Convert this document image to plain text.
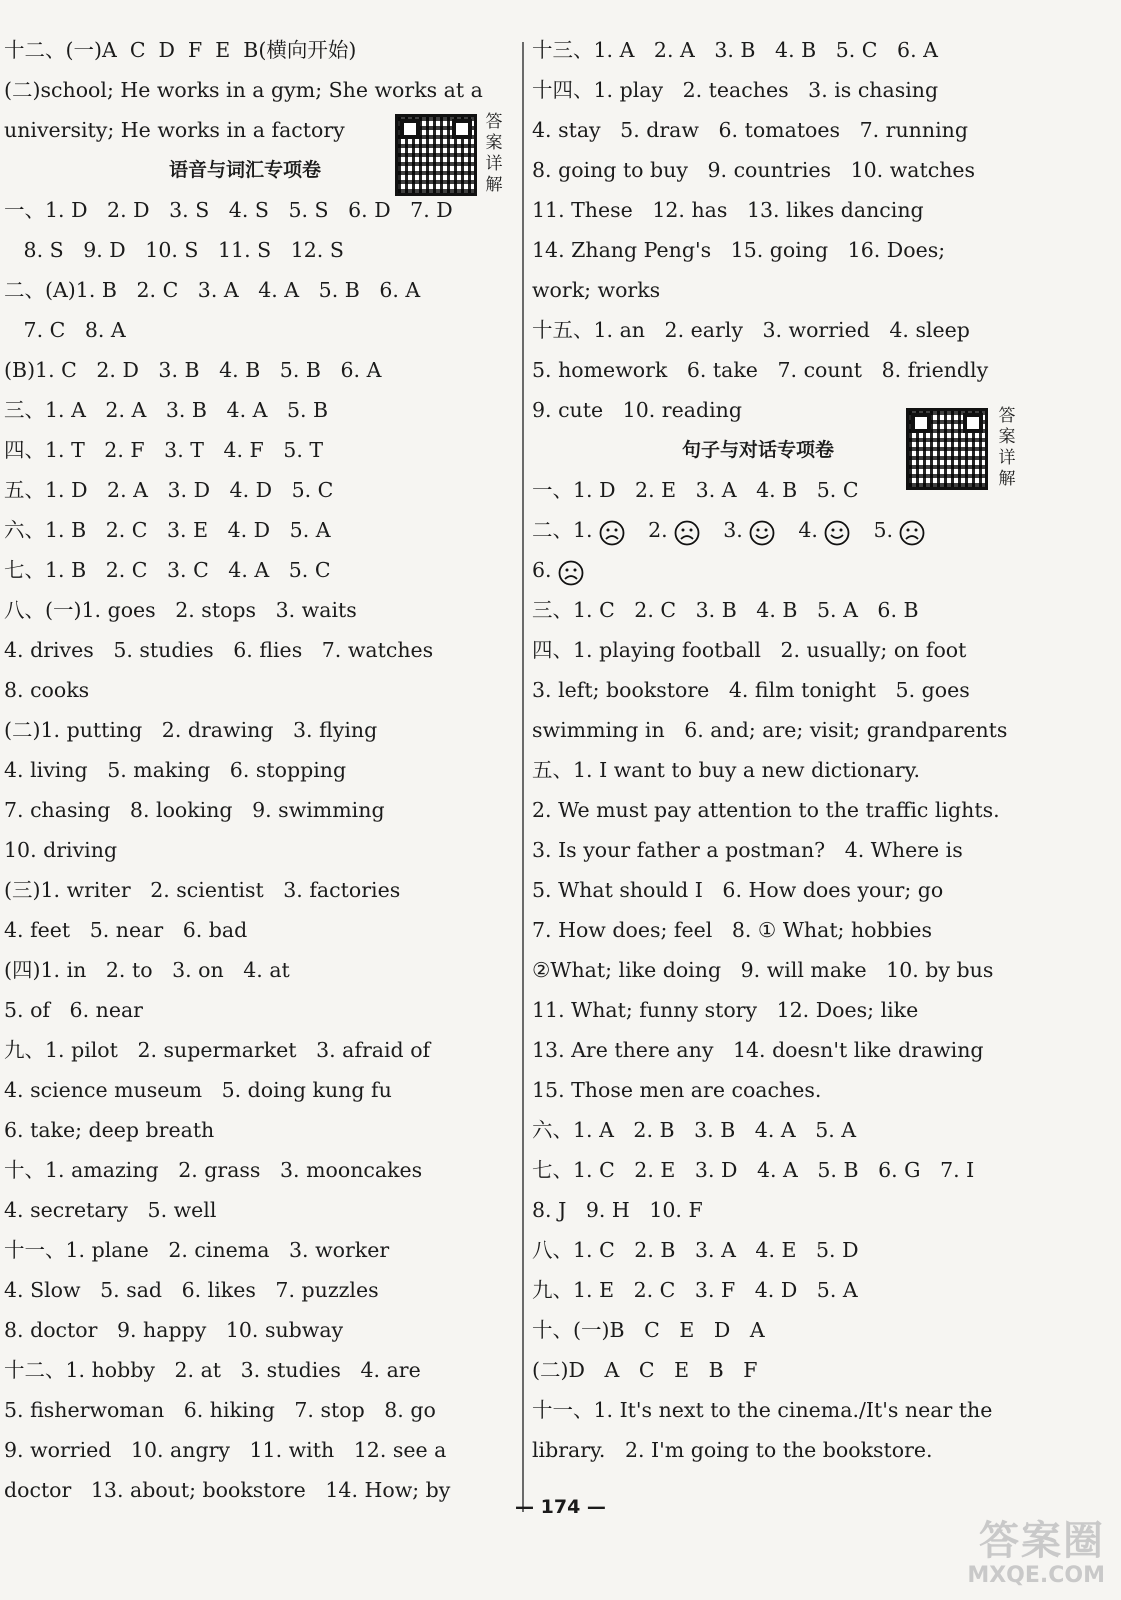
十二、(一)A  C  D  F  E  B(横向开始)
(二)school; He works in a gym; She works at a
university; He works in a factory
语音与词汇专项卷
一、1. D   2. D   3. S   4. S   5. S   6. D   7. D
8. S   9. D   10. S   11. S   12. S
二、(A)1. B   2. C   3. A   4. A   5. B   6. A
7. C   8. A
(B)1. C   2. D   3. B   4. B   5. B   6. A
三、1. A   2. A   3. B   4. A   5. B
四、1. T   2. F   3. T   4. F   5. T
五、1. D   2. A   3. D   4. D   5. C
六、1. B   2. C   3. E   4. D   5. A
七、1. B   2. C   3. C   4. A   5. C
八、(一)1. goes   2. stops   3. waits
4. drives   5. studies   6. flies   7. watches
8. cooks
(二)1. putting   2. drawing   3. flying
4. living   5. making   6. stopping
7. chasing   8. looking   9. swimming
10. driving
(三)1. writer   2. scientist   3. factories
4. feet   5. near   6. bad
(四)1. in   2. to   3. on   4. at
5. of   6. near
九、1. pilot   2. supermarket   3. afraid of
4. science museum   5. doing kung fu
6. take; deep breath
十、1. amazing   2. grass   3. mooncakes
4. secretary   5. well
十一、1. plane   2. cinema   3. worker
4. Slow   5. sad   6. likes   7. puzzles
8. doctor   9. happy   10. subway
十二、1. hobby   2. at   3. studies   4. are
5. fisherwoman   6. hiking   7. stop   8. go
9. worried   10. angry   11. with   12. see a
doctor   13. about; bookstore   14. How; by
十三、1. A   2. A   3. B   4. B   5. C   6. A
十四、1. play   2. teaches   3. is chasing
4. stay   5. draw   6. tomatoes   7. running
8. going to buy   9. countries   10. watches
11. These   12. has   13. likes dancing
14. Zhang Peng's   15. going   16. Does;
work; works
十五、1. an   2. early   3. worried   4. sleep
5. homework   6. take   7. count   8. friendly
9. cute   10. reading
句子与对话专项卷
一、1. D   2. E   3. A   4. B   5. C
二、1.	2.	3.	4.	5.
6.
三、1. C   2. C   3. B   4. B   5. A   6. B
四、1. playing football   2. usually; on foot
3. left; bookstore   4. film tonight   5. goes
swimming in   6. and; are; visit; grandparents
五、1. I want to buy a new dictionary.
2. We must pay attention to the traffic lights.
3. Is your father a postman?   4. Where is
5. What should I   6. How does your; go
7. How does; feel   8. ① What; hobbies
②What; like doing   9. will make   10. by bus
11. What; funny story   12. Does; like
13. Are there any   14. doesn't like drawing
15. Those men are coaches.
六、1. A   2. B   3. B   4. A   5. A
七、1. C   2. E   3. D   4. A   5. B   6. G   7. I
8. J   9. H   10. F
八、1. C   2. B   3. A   4. E   5. D
九、1. E   2. C   3. F   4. D   5. A
十、(一)B   C   E   D   A
(二)D   A   C   E   B   F
十一、1. It's next to the cinema./It's near the
library.   2. I'm going to the bookstore.
答案详解
答案详解
— 174 —
答案圈
MXQE.COM
